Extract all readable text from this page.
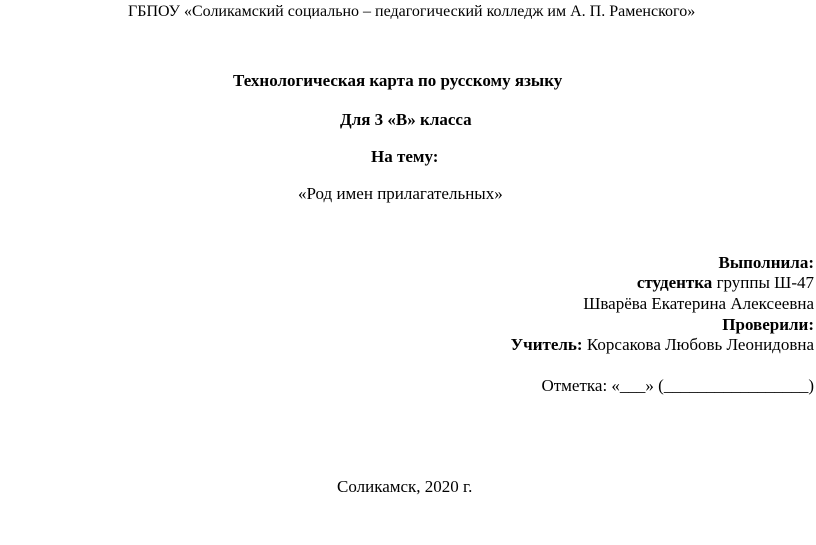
ГБПОУ «Соликамский социально – педагогический колледж им А. П. Раменского»
Технологическая карта по русскому языку
Для 3 «В» класса
На тему:
«Род имен прилагательных»
Выполнила:
студентка группы Ш-47
Шварёва Екатерина Алексеевна
Проверили:
Учитель: Корсакова Любовь Леонидовна
Отметка: «___» (_________________)
Соликамск, 2020 г.
